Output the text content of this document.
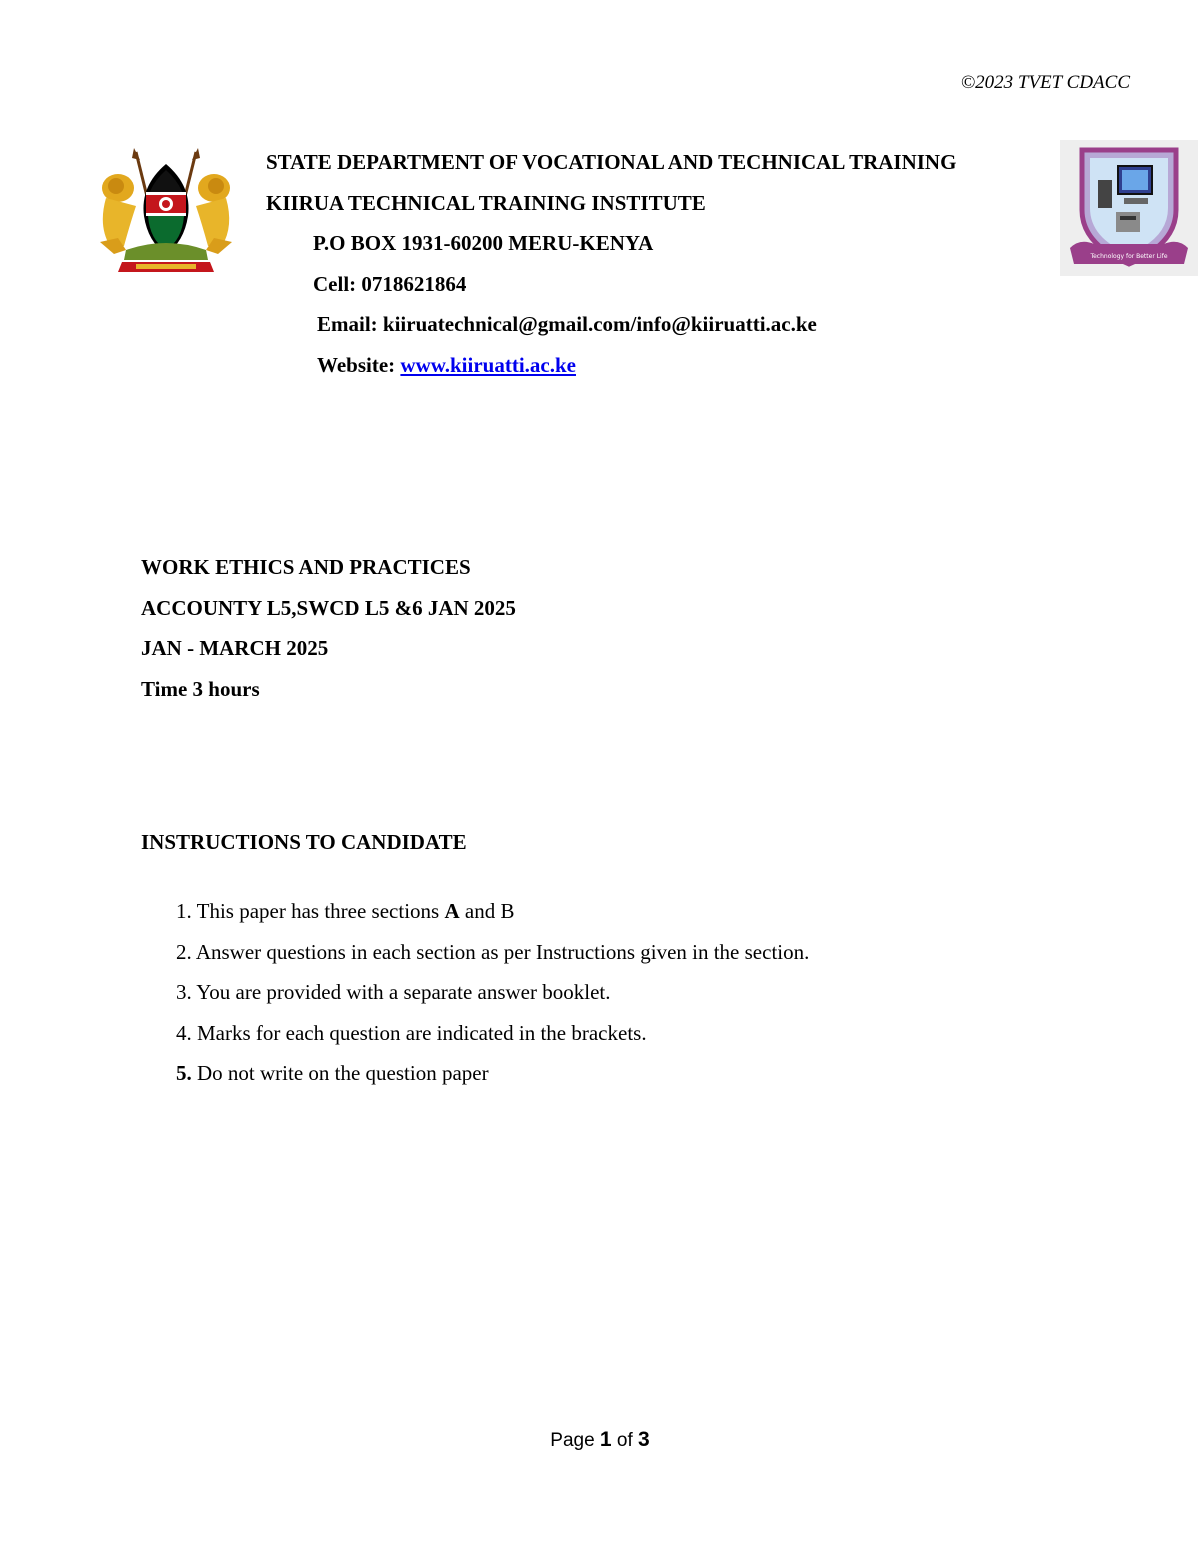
©2023 TVET CDACC
Technology for Better Life
STATE DEPARTMENT OF VOCATIONAL AND TECHNICAL TRAINING
KIIRUA TECHNICAL TRAINING INSTITUTE
P.O BOX 1931-60200 MERU-KENYA
Cell: 0718621864
Email: kiiruatechnical@gmail.com/info@kiiruatti.ac.ke
Website: www.kiiruatti.ac.ke
WORK ETHICS AND PRACTICES
ACCOUNTY L5,SWCD L5 &6 JAN 2025
JAN - MARCH 2025
Time 3 hours
INSTRUCTIONS TO CANDIDATE
1. This paper has three sections A and B
2. Answer questions in each section as per Instructions given in the section.
3. You are provided with a separate answer booklet.
4. Marks for each question are indicated in the brackets.
5. Do not write on the question paper
Page 1 of 3
